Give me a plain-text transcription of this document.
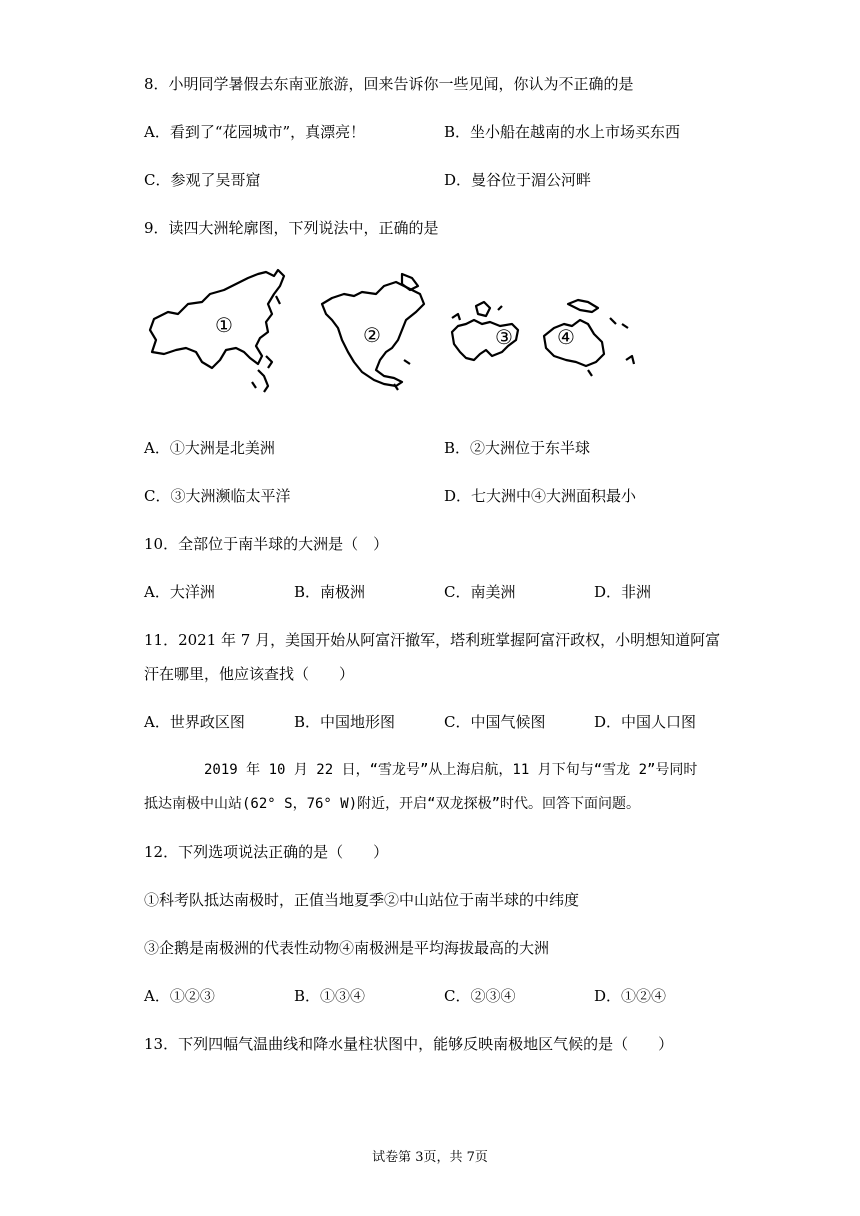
8．小明同学暑假去东南亚旅游，回来告诉你一些见闻，你认为不正确的是
A．看到了“花园城市”，真漂亮！	B．坐小船在越南的水上市场买东西
C．参观了吴哥窟	D．曼谷位于湄公河畔
9．读四大洲轮廓图，下列说法中，正确的是
①	②	③ ④
A．①大洲是北美洲	B．②大洲位于东半球
C．③大洲濒临太平洋	D．七大洲中④大洲面积最小
10．全部位于南半球的大洲是（　）
A．大洋洲	B．南极洲	C．南美洲	D．非洲
11．2021 年 7 月，美国开始从阿富汗撤军，塔利班掌握阿富汗政权，小明想知道阿富
汗在哪里，他应该查找（　　）
A．世界政区图	B．中国地形图	C．中国气候图	D．中国人口图
2019 年 10 月 22 日，“雪龙号”从上海启航，11 月下旬与“雪龙 2”号同时
抵达南极中山站(62° S，76° W)附近，开启“双龙探极”时代。回答下面问题。
12．下列选项说法正确的是（　　）
①科考队抵达南极时，正值当地夏季②中山站位于南半球的中纬度
③企鹅是南极洲的代表性动物④南极洲是平均海拔最高的大洲
A．①②③	B．①③④	C．②③④	D．①②④
13．下列四幅气温曲线和降水量柱状图中，能够反映南极地区气候的是（　　）
试卷第 3页，共 7页
